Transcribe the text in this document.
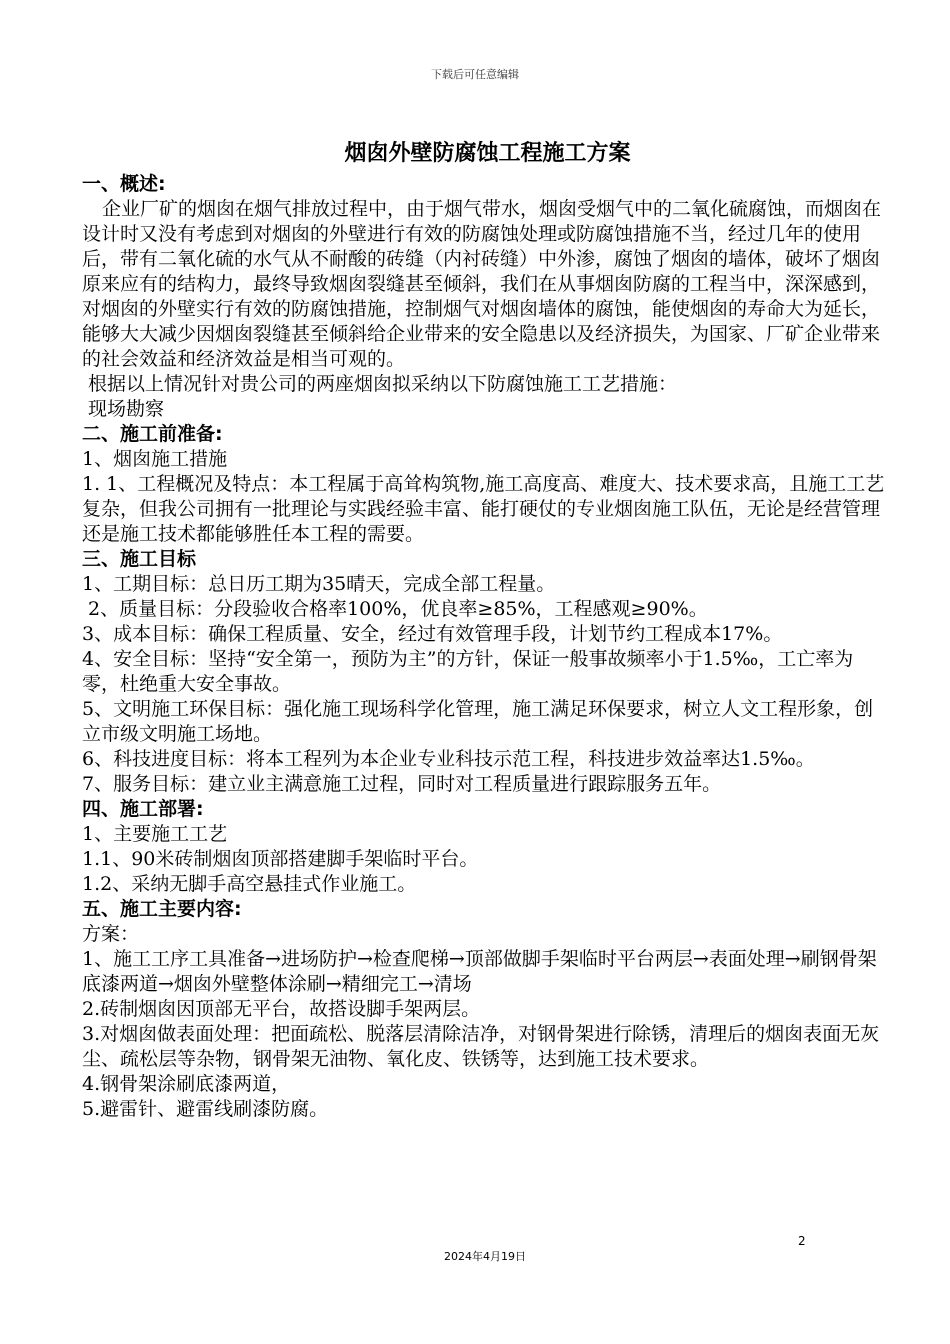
下载后可任意编辑
烟囱外壁防腐蚀工程施工方案

一、概述:

企业厂矿的烟囱在烟气排放过程中，由于烟气带水，烟囱受烟气中的二氧化硫腐蚀，而烟囱在设计时又没有考虑到对烟囱的外壁进行有效的防腐蚀处理或防腐蚀措施不当，经过几年的使用后，带有二氧化硫的水气从不耐酸的砖缝（内衬砖缝）中外渗，腐蚀了烟囱的墙体，破坏了烟囱原来应有的结构力，最终导致烟囱裂缝甚至倾斜，我们在从事烟囱防腐的工程当中，深深感到，对烟囱的外壁实行有效的防腐蚀措施，控制烟气对烟囱墙体的腐蚀，能使烟囱的寿命大为延长，能够大大减少因烟囱裂缝甚至倾斜给企业带来的安全隐患以及经济损失，为国家、厂矿企业带来的社会效益和经济效益是相当可观的。

根据以上情况针对贵公司的两座烟囱拟采纳以下防腐蚀施工工艺措施：

现场勘察

二、施工前准备:

1、烟囱施工措施

1. 1、工程概况及特点：本工程属于高耸构筑物,施工高度高、难度大、技术要求高，且施工工艺复杂，但我公司拥有一批理论与实践经验丰富、能打硬仗的专业烟囱施工队伍，无论是经营管理还是施工技术都能够胜任本工程的需要。

三、施工目标

1、工期目标：总日历工期为35晴天，完成全部工程量。

2、质量目标：分段验收合格率100%，优良率≥85%，工程感观≥90%。

3、成本目标：确保工程质量、安全，经过有效管理手段，计划节约工程成本17%。

4、安全目标：坚持“安全第一，预防为主”的方针，保证一般事故频率小于1.5‰，工亡率为零，杜绝重大安全事故。

5、文明施工环保目标：强化施工现场科学化管理，施工满足环保要求，树立人文工程形象，创立市级文明施工场地。

6、科技进度目标：将本工程列为本企业专业科技示范工程，科技进步效益率达1.5‰。

7、服务目标：建立业主满意施工过程，同时对工程质量进行跟踪服务五年。

四、施工部署:

1、主要施工工艺

1.1、90米砖制烟囱顶部搭建脚手架临时平台。

1.2、采纳无脚手高空悬挂式作业施工。

五、施工主要内容:

方案：

1、施工工序工具准备→进场防护→检查爬梯→顶部做脚手架临时平台两层→表面处理→刷钢骨架底漆两道→烟囱外壁整体涂刷→精细完工→清场

2.砖制烟囱因顶部无平台，故搭设脚手架两层。

3.对烟囱做表面处理：把面疏松、脱落层清除洁净，对钢骨架进行除锈，清理后的烟囱表面无灰尘、疏松层等杂物，钢骨架无油物、氧化皮、铁锈等，达到施工技术要求。

4.钢骨架涂刷底漆两道，

5.避雷针、避雷线刷漆防腐。

2
2024年4月19日
